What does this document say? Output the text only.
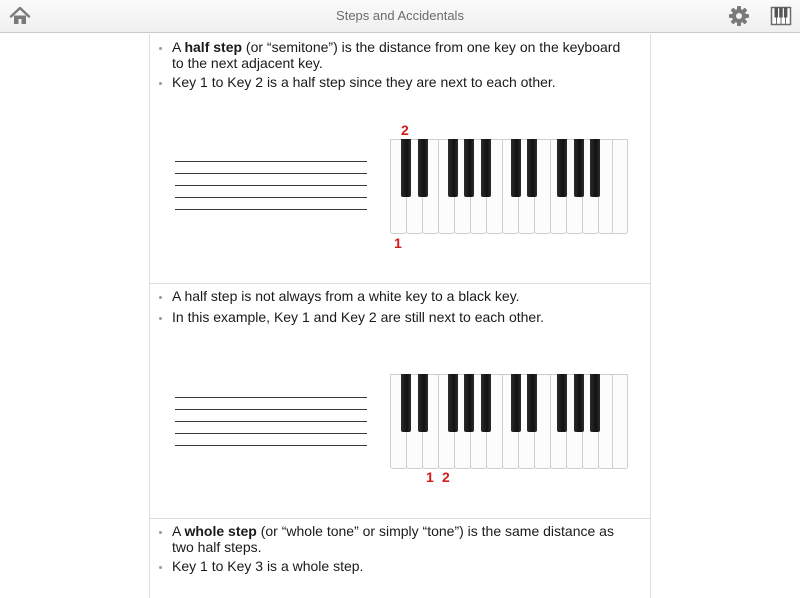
Steps and Accidentals
A half step (or “semitone”) is the distance from one key on the keyboard to the next adjacent key.
Key 1 to Key 2 is a half step since they are next to each other.
2
1
A half step is not always from a white key to a black key.
In this example, Key 1 and Key 2 are still next to each other.
1 2
A whole step (or “whole tone” or simply “tone”) is the same distance as two half steps.
Key 1 to Key 3 is a whole step.
